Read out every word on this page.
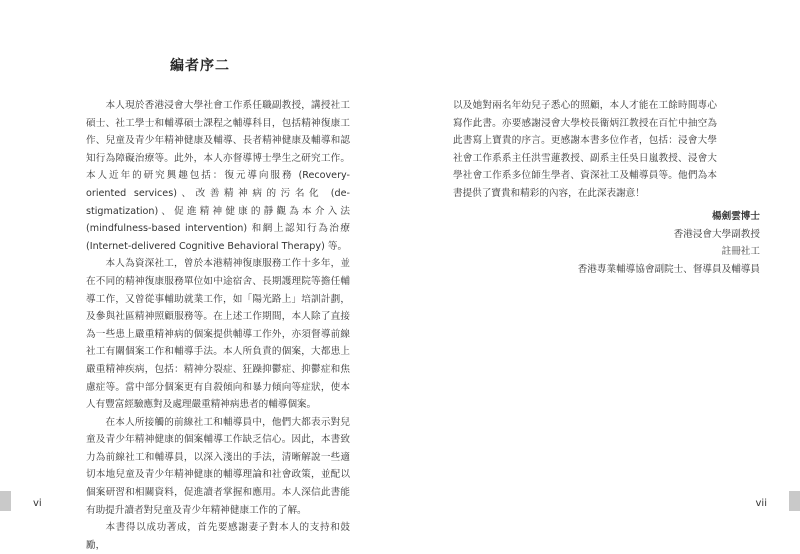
編者序二

本人現於香港浸會大學社會工作系任職副教授，講授社工碩士、社工學士和輔導碩士課程之輔導科目，包括精神復康工作、兒童及青少年精神健康及輔導、長者精神健康及輔導和認知行為障礙治療等。此外，本人亦督導博士學生之研究工作。本人近年的研究興趣包括：復元導向服務 (Recovery-oriented services)、改善精神病的污名化 (de-stigmatization)、促進精神健康的靜觀為本介入法 (mindfulness-based intervention) 和網上認知行為治療 (Internet-delivered Cognitive Behavioral Therapy) 等。

本人為資深社工，曾於本港精神復康服務工作十多年，並在不同的精神復康服務單位如中途宿舍、長期護理院等擔任輔導工作，又曾從事輔助就業工作，如「陽光路上」培訓計劃，及參與社區精神照顧服務等。在上述工作期間，本人除了直接為一些患上嚴重精神病的個案提供輔導工作外，亦須督導前線社工有關個案工作和輔導手法。本人所負責的個案，大都患上嚴重精神疾病，包括：精神分裂症、狂躁抑鬱症、抑鬱症和焦慮症等。當中部分個案更有自殺傾向和暴力傾向等症狀，使本人有豐富經驗應對及處理嚴重精神病患者的輔導個案。

在本人所接觸的前線社工和輔導員中，他們大都表示對兒童及青少年精神健康的個案輔導工作缺乏信心。因此，本書致力為前線社工和輔導員，以深入淺出的手法，清晰解說一些適切本地兒童及青少年精神健康的輔導理論和社會政策，並配以個案研習和相關資料，促進讀者掌握和應用。本人深信此書能有助提升讀者對兒童及青少年精神健康工作的了解。

本書得以成功著成，首先要感謝妻子對本人的支持和鼓勵，

vi

以及她對兩名年幼兒子悉心的照顧，本人才能在工餘時間專心寫作此書。亦要感謝浸會大學校長衞炳江教授在百忙中抽空為此書寫上寶貴的序言。更感謝本書多位作者，包括：浸會大學社會工作系系主任洪雪蓮教授、副系主任吳日嵐教授、浸會大學社會工作系多位師生學者、資深社工及輔導員等。他們為本書提供了寶貴和精彩的內容，在此深表謝意！

楊劍雲博士
香港浸會大學副教授
註冊社工
香港專業輔導協會副院士、督導員及輔導員
vii
